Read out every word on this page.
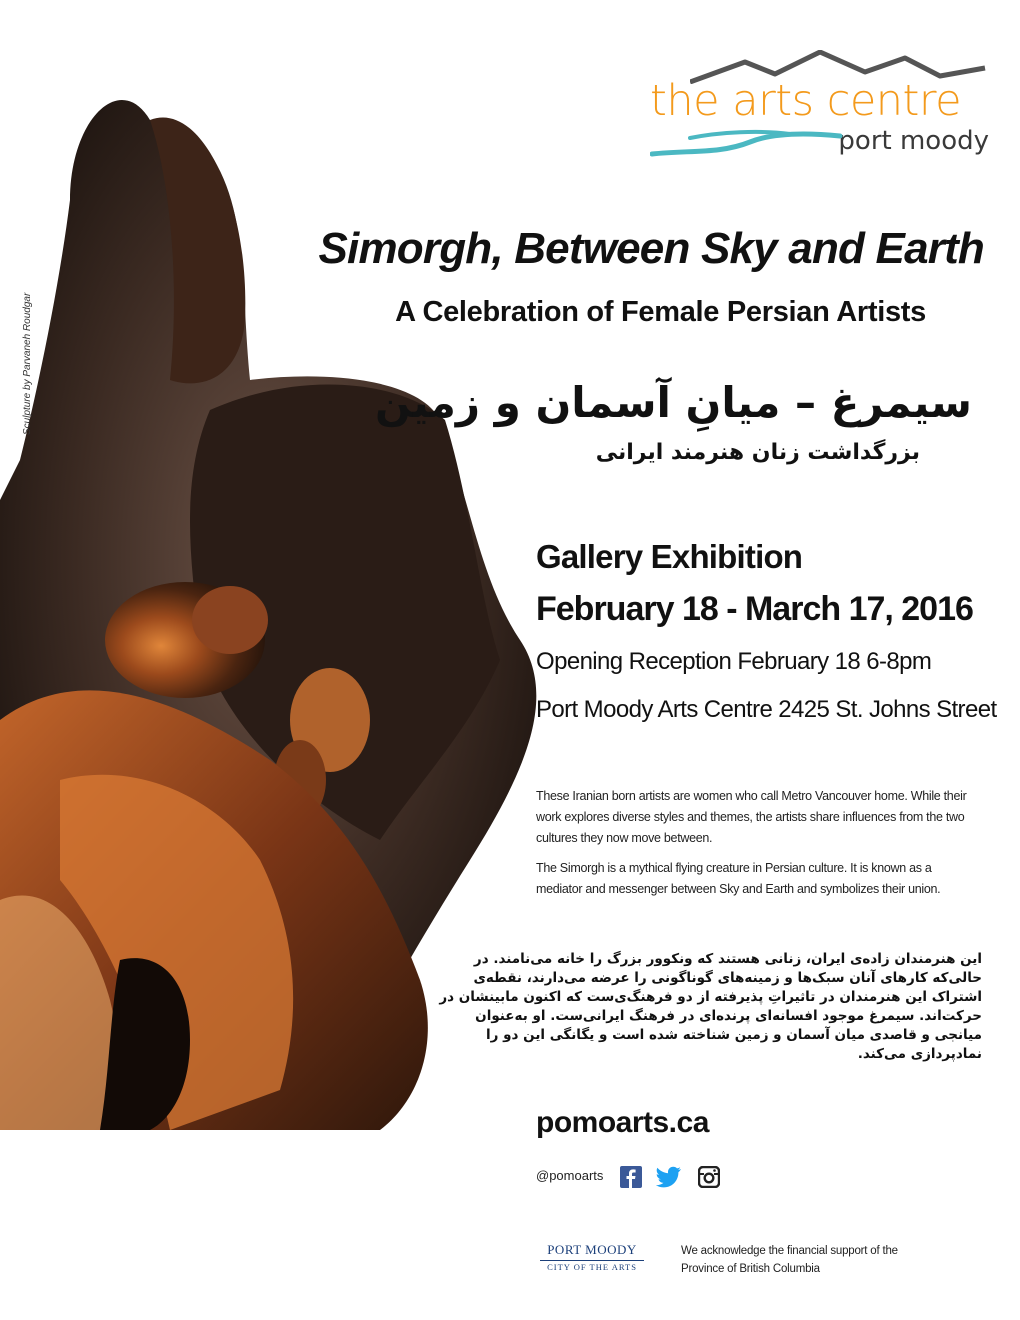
Sculpture by Parvaneh Roudgar
the arts centre
port moody
Simorgh, Between Sky and Earth
A Celebration of Female Persian Artists
سیمرغ – میانِ آسمان و زمین
بزرگداشت زنان هنرمند ایرانی
Gallery Exhibition
February 18 - March 17, 2016
Opening Reception February 18 6-8pm
Port Moody Arts Centre 2425 St. Johns Street
These Iranian born artists are women who call Metro Vancouver home. While their work explores diverse styles and themes, the artists share influences from the two cultures they now move between.
The Simorgh is a mythical flying creature in Persian culture. It is known as a mediator and messenger between Sky and Earth and symbolizes their union.
این هنرمندان زاده‌ی ایران، زنانی هستند که ونکوور بزرگ را خانه می‌نامند. در حالی‌که کارهای آنان سبک‌ها و زمینه‌های گوناگونی را عرضه می‌دارند، نقطه‌ی اشتراک این هنرمندان در تاثیراتِ پذیرفته از دو فرهنگ‌ی‌ست که اکنون مابینشان در حرکت‌اند. سیمرغ موجود افسانه‌ای پرنده‌ای در فرهنگ ایرانی‌ست. او به‌عنوان میانجی و قاصدی میان آسمان و زمین شناخته شده است و یگانگی این دو را نمادپردازی می‌کند.
pomoarts.ca
@pomoarts
PORT MOODY
CITY OF THE ARTS
We acknowledge the financial support of the Province of British Columbia
